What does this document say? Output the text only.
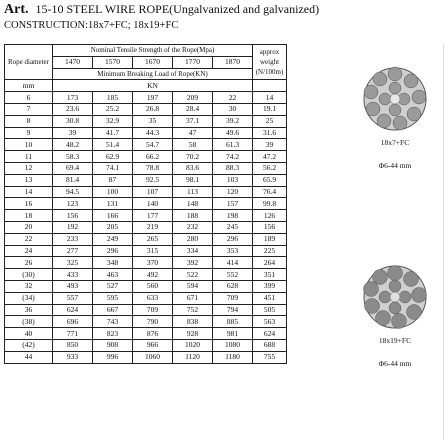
Art. 15-10 STEEL WIRE ROPE(Ungalvanized and galvanized)
CONSTRUCTION:18x7+FC; 18x19+FC
Rope diameter	Nominal Tensile Strength of the Rope(Mpa)					approx weight (N/100m)
	1470	1570	1670	1770	1870	
	Minimum Breaking Load of Rope(KN)					
mm	KN					
6	173	185	197	209	22	14
7	23.6	25.2	26.8	28.4	30	19.1
8	30.8	32.9	35	37.1	39.2	25
9	39	41.7	44.3	47	49.6	31.6
10	48.2	51.4	54.7	58	61.3	39
11	58.3	62.9	66.2	70.2	74.2	47.2
12	69.4	74.1	78.8	83.6	88.3	56.2
13	81.4	87	92.5	98.1	103	65.9
14	94.5	100	107	113	120	76.4
16	123	131	140	148	157	99.8
18	156	166	177	188	198	126
20	192	205	219	232	245	156
22	233	249	265	280	296	189
24	277	296	315	334	353	225
26	325	348	370	392	414	264
(30)	433	463	492	522	552	351
32	493	527	560	594	628	399
(34)	557	595	633	671	709	451
36	624	667	709	752	794	505
(38)	696	743	790	838	885	563
40	771	823	876	928	981	624
(42)	850	908	966	1020	1080	688
44	933	996	1060	1120	1180	755
18x7+FC
Φ6-44 mm
18x19+FC
Φ6-44 mm
